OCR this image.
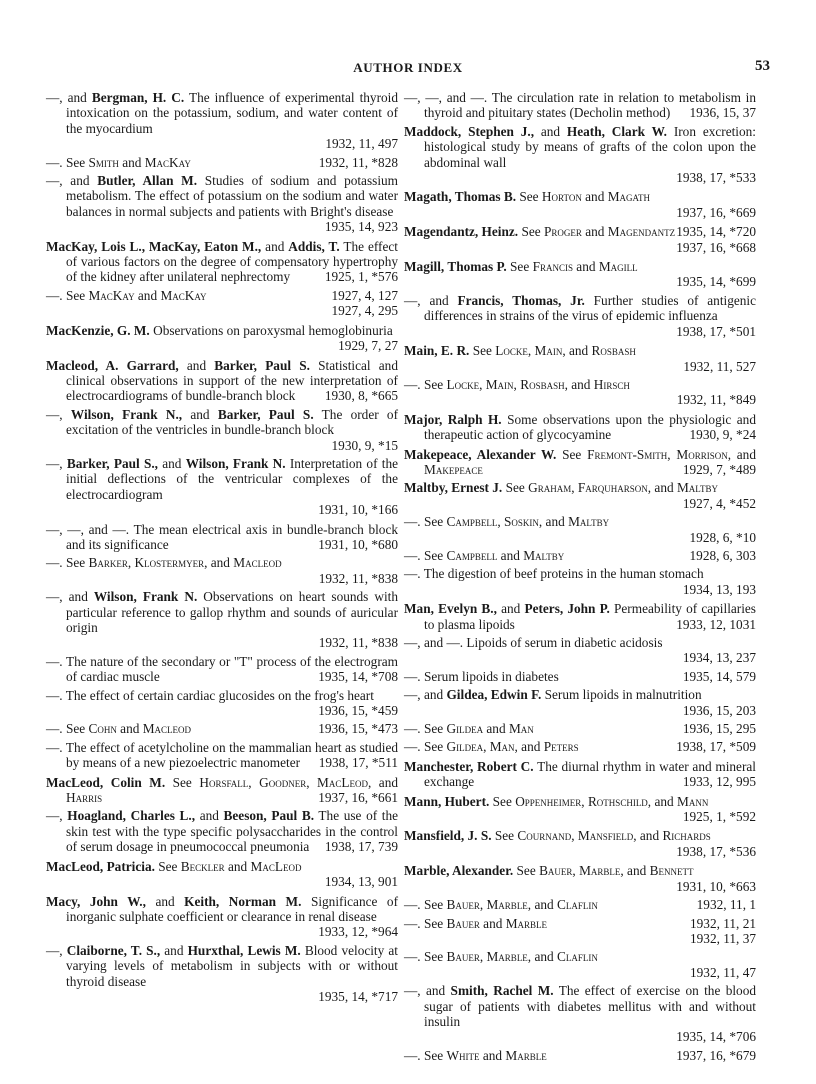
AUTHOR INDEX	53
—, and Bergman, H. C. The influence of experimental thyroid intoxication on the potassium, sodium, and water content of the myocardium
1932, 11, 497
—. See Smith and MacKay	1932, 11, *828
—, and Butler, Allan M. Studies of sodium and potassium metabolism. The effect of potassium on the sodium and water balances in normal subjects and patients with Bright's disease
1935, 14, 923
MacKay, Lois L., MacKay, Eaton M., and Addis, T. The effect of various factors on the degree of compensatory hypertrophy of the kidney after unilateral nephrectomy	1925, 1, *576
—. See MacKay and MacKay	1927, 4, 127
1927, 4, 295
MacKenzie, G. M. Observations on paroxysmal hemoglobinuria
1929, 7, 27
Macleod, A. Garrard, and Barker, Paul S. Statistical and clinical observations in support of the new interpretation of electrocardiograms of bundle-branch block 1930, 8, *665
—, Wilson, Frank N., and Barker, Paul S. The order of excitation of the ventricles in bundle-branch block
1930, 9, *15
—, Barker, Paul S., and Wilson, Frank N. Interpretation of the initial deflections of the ventricular complexes of the electrocardiogram
1931, 10, *166
—, —, and —. The mean electrical axis in bundle-branch block and its significance	1931, 10, *680
—. See Barker, Klostermyer, and Macleod
1932, 11, *838
—, and Wilson, Frank N. Observations on heart sounds with particular reference to gallop rhythm and sounds of auricular origin
1932, 11, *838
—. The nature of the secondary or "T" process of the electrogram of cardiac muscle	1935, 14, *708
—. The effect of certain cardiac glucosides on the frog's heart
1936, 15, *459
—. See Cohn and Macleod	1936, 15, *473
—. The effect of acetylcholine on the mammalian heart as studied by means of a new piezoelectric manometer 1938, 17, *511
MacLeod, Colin M. See Horsfall, Goodner, MacLeod, and Harris	1937, 16, *661
—, Hoagland, Charles L., and Beeson, Paul B. The use of the skin test with the type specific polysaccharides in the control of serum dosage in pneumococcal pneumonia 1938, 17, 739
MacLeod, Patricia. See Beckler and MacLeod
1934, 13, 901
Macy, John W., and Keith, Norman M. Significance of inorganic sulphate coefficient or clearance in renal disease
1933, 12, *964
—, Claiborne, T. S., and Hurxthal, Lewis M. Blood velocity at varying levels of metabolism in subjects with or without thyroid disease
1935, 14, *717
—, —, and —. The circulation rate in relation to metabolism in thyroid and pituitary states (Decholin method) 1936, 15, 37
Maddock, Stephen J., and Heath, Clark W. Iron excretion: histological study by means of grafts of the colon upon the abdominal wall
1938, 17, *533
Magath, Thomas B. See Horton and Magath
1937, 16, *669
Magendantz, Heinz. See Proger and Magendantz 1935, 14, *720
1937, 16, *668
Magill, Thomas P. See Francis and Magill
1935, 14, *699
—, and Francis, Thomas, Jr. Further studies of antigenic differences in strains of the virus of epidemic influenza
1938, 17, *501
Main, E. R. See Locke, Main, and Rosbash
1932, 11, 527
—. See Locke, Main, Rosbash, and Hirsch
1932, 11, *849
Major, Ralph H. Some observations upon the physiologic and therapeutic action of glycocyamine	1930, 9, *24
Makepeace, Alexander W. See Fremont-Smith, Morrison, and Makepeace	1929, 7, *489
Maltby, Ernest J. See Graham, Farquharson, and Maltby
1927, 4, *452
—. See Campbell, Soskin, and Maltby
1928, 6, *10
—. See Campbell and Maltby	1928, 6, 303
—. The digestion of beef proteins in the human stomach
1934, 13, 193
Man, Evelyn B., and Peters, John P. Permeability of capillaries to plasma lipoids	1933, 12, 1031
—, and —. Lipoids of serum in diabetic acidosis
1934, 13, 237
—. Serum lipoids in diabetes	1935, 14, 579
—, and Gildea, Edwin F. Serum lipoids in malnutrition
1936, 15, 203
—. See Gildea and Man	1936, 15, 295
—. See Gildea, Man, and Peters	1938, 17, *509
Manchester, Robert C. The diurnal rhythm in water and mineral exchange	1933, 12, 995
Mann, Hubert. See Oppenheimer, Rothschild, and Mann
1925, 1, *592
Mansfield, J. S. See Cournand, Mansfield, and Richards
1938, 17, *536
Marble, Alexander. See Bauer, Marble, and Bennett
1931, 10, *663
—. See Bauer, Marble, and Claflin	1932, 11, 1
—. See Bauer and Marble	1932, 11, 21
1932, 11, 37
—. See Bauer, Marble, and Claflin
1932, 11, 47
—, and Smith, Rachel M. The effect of exercise on the blood sugar of patients with diabetes mellitus with and without insulin
1935, 14, *706
—. See White and Marble	1937, 16, *679
